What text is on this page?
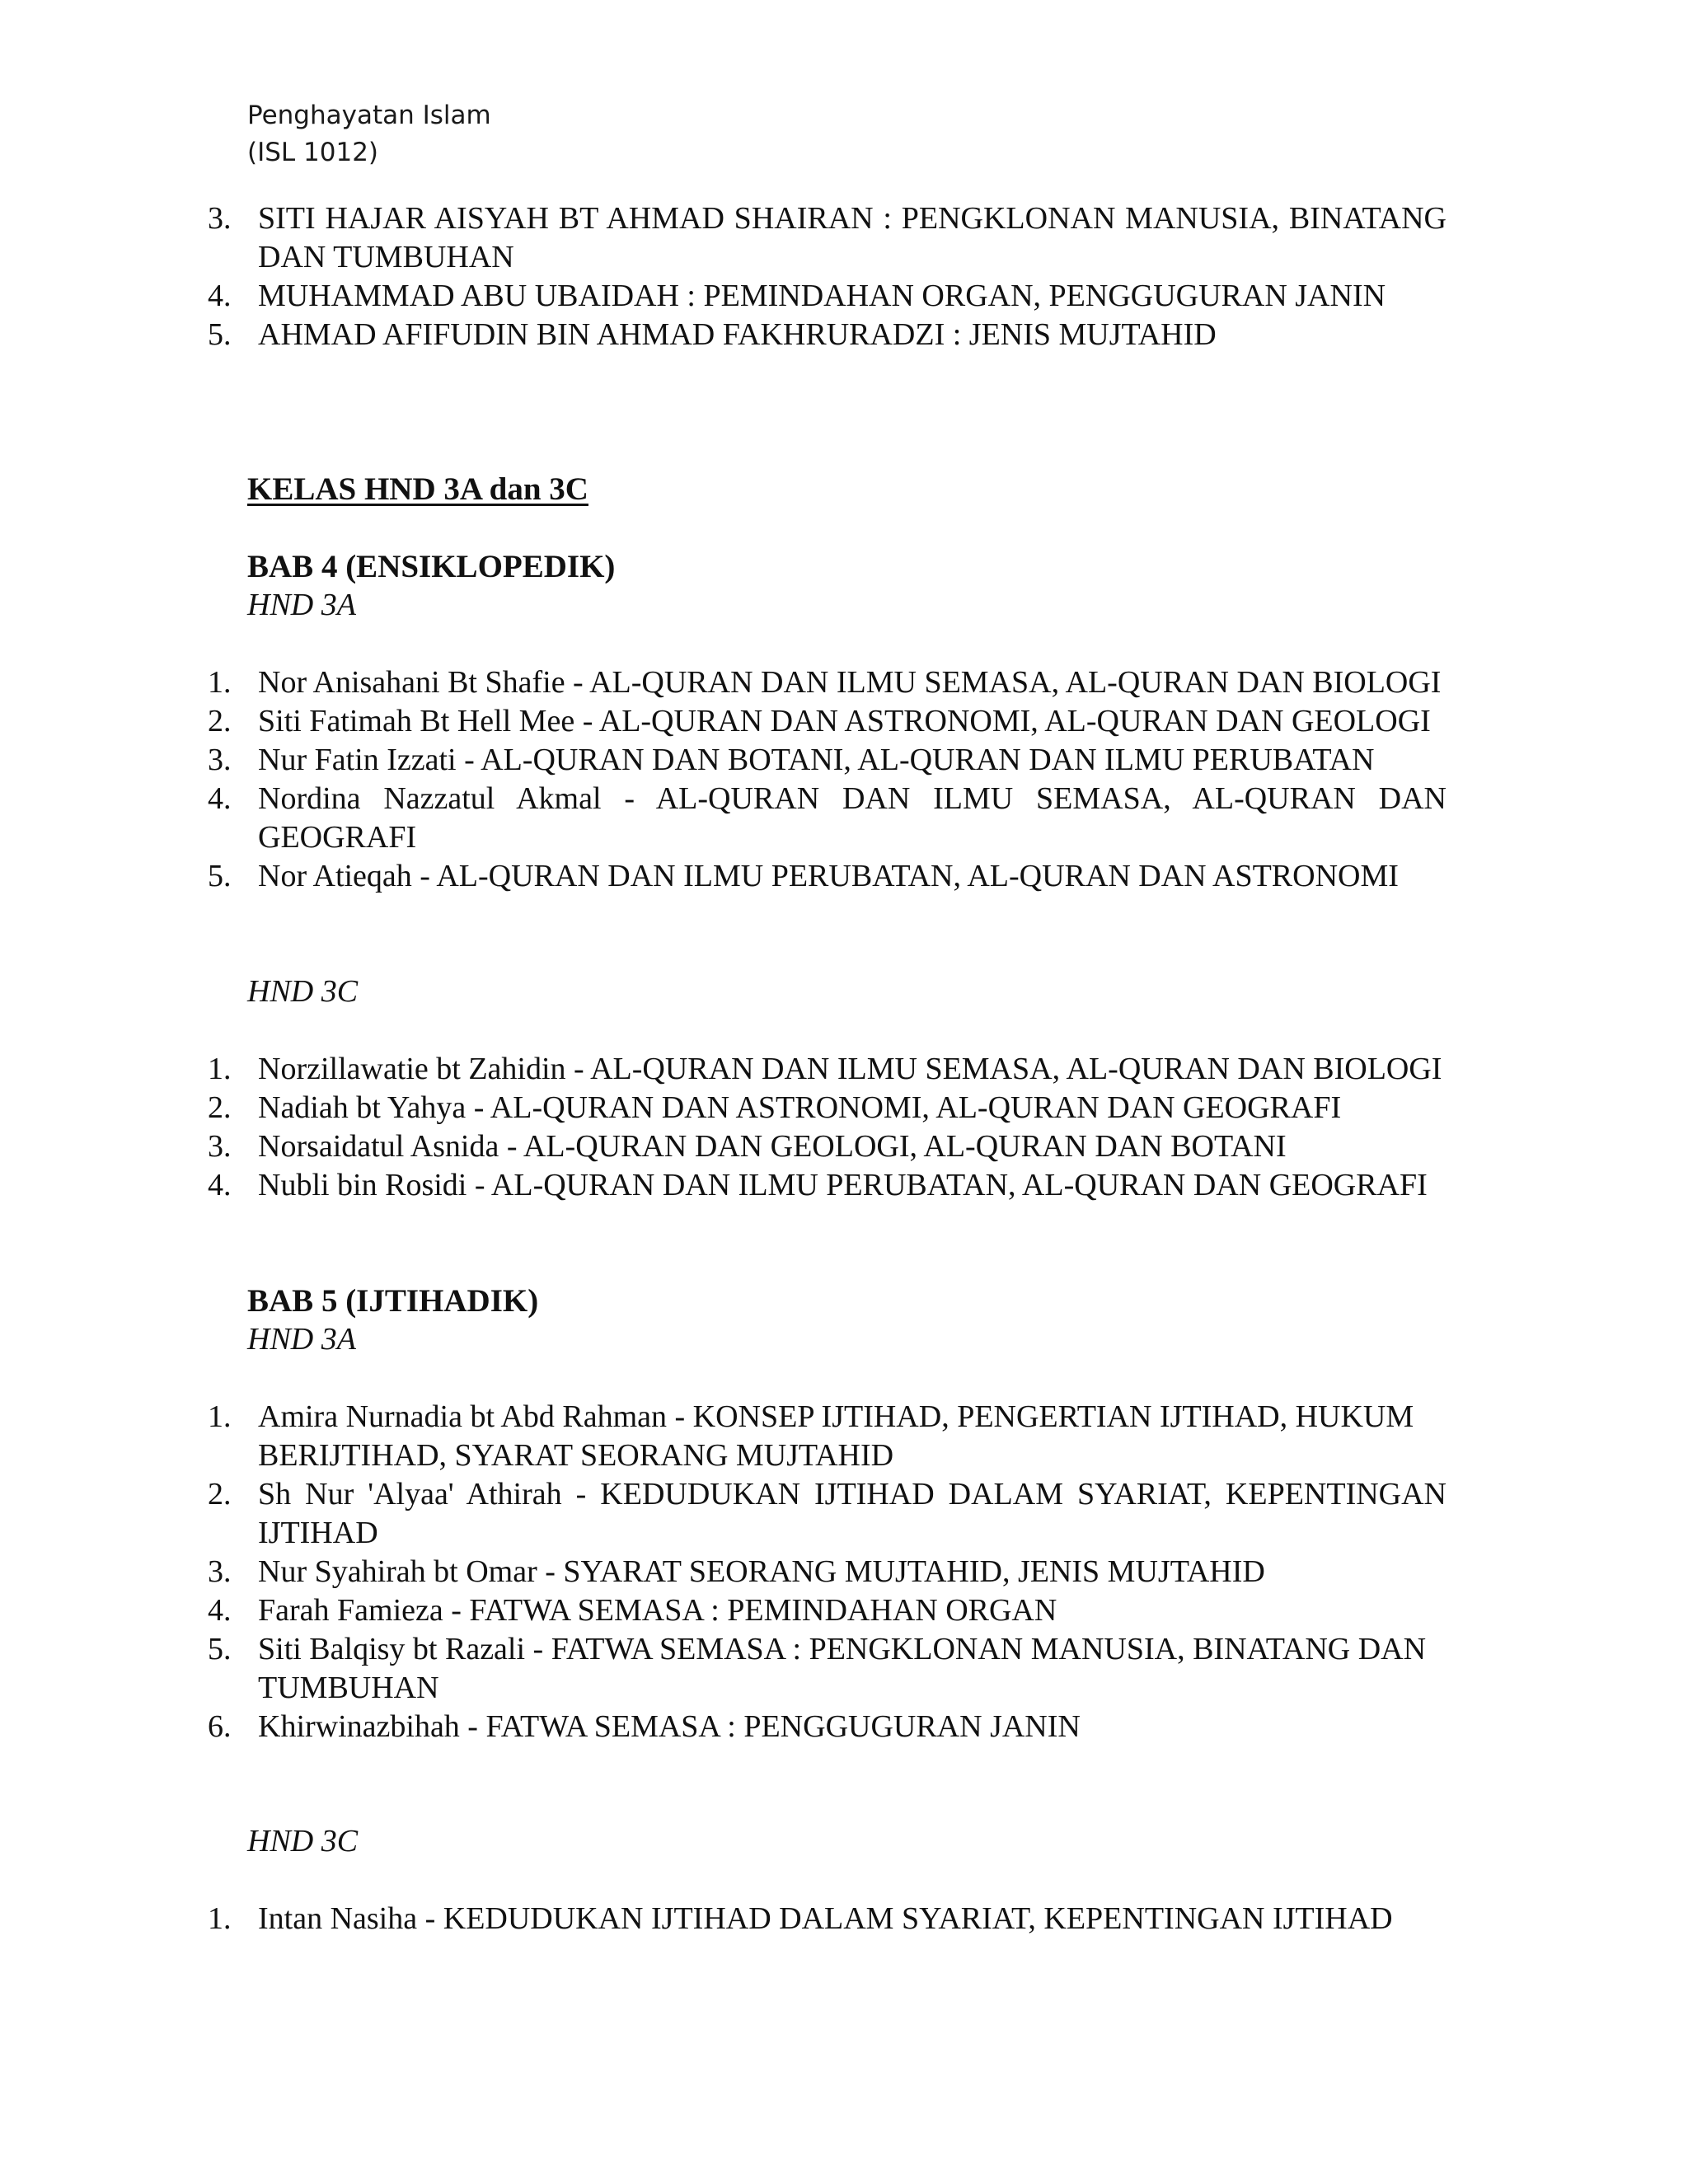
Penghayatan Islam
(ISL 1012)
3. SITI HAJAR AISYAH BT AHMAD SHAIRAN : PENGKLONAN MANUSIA, BINATANG DAN TUMBUHAN
4. MUHAMMAD ABU UBAIDAH : PEMINDAHAN ORGAN, PENGGUGURAN JANIN
5. AHMAD AFIFUDIN BIN AHMAD FAKHRURADZI : JENIS MUJTAHID
KELAS HND 3A dan 3C
BAB 4 (ENSIKLOPEDIK)
HND 3A
1. Nor Anisahani Bt Shafie - AL-QURAN DAN ILMU SEMASA, AL-QURAN DAN BIOLOGI
2. Siti Fatimah Bt Hell Mee - AL-QURAN DAN ASTRONOMI, AL-QURAN DAN GEOLOGI
3. Nur Fatin Izzati - AL-QURAN DAN BOTANI, AL-QURAN DAN ILMU PERUBATAN
4. Nordina Nazzatul Akmal - AL-QURAN DAN ILMU SEMASA, AL-QURAN DAN GEOGRAFI
5. Nor Atieqah - AL-QURAN DAN ILMU PERUBATAN, AL-QURAN DAN ASTRONOMI
HND 3C
1. Norzillawatie bt Zahidin - AL-QURAN DAN ILMU SEMASA, AL-QURAN DAN BIOLOGI
2. Nadiah bt Yahya - AL-QURAN DAN ASTRONOMI, AL-QURAN DAN GEOGRAFI
3. Norsaidatul Asnida - AL-QURAN DAN GEOLOGI, AL-QURAN DAN BOTANI
4. Nubli bin Rosidi - AL-QURAN DAN ILMU PERUBATAN, AL-QURAN DAN GEOGRAFI
BAB 5 (IJTIHADIK)
HND 3A
1. Amira Nurnadia bt Abd Rahman - KONSEP IJTIHAD, PENGERTIAN IJTIHAD, HUKUM BERIJTIHAD, SYARAT SEORANG MUJTAHID
2. Sh Nur 'Alyaa' Athirah - KEDUDUKAN IJTIHAD DALAM SYARIAT, KEPENTINGAN IJTIHAD
3. Nur Syahirah bt Omar - SYARAT SEORANG MUJTAHID, JENIS MUJTAHID
4. Farah Famieza - FATWA SEMASA : PEMINDAHAN ORGAN
5. Siti Balqisy bt Razali - FATWA SEMASA : PENGKLONAN MANUSIA, BINATANG DAN TUMBUHAN
6. Khirwinazbihah - FATWA SEMASA : PENGGUGURAN JANIN
HND 3C
1. Intan Nasiha - KEDUDUKAN IJTIHAD DALAM SYARIAT, KEPENTINGAN IJTIHAD
